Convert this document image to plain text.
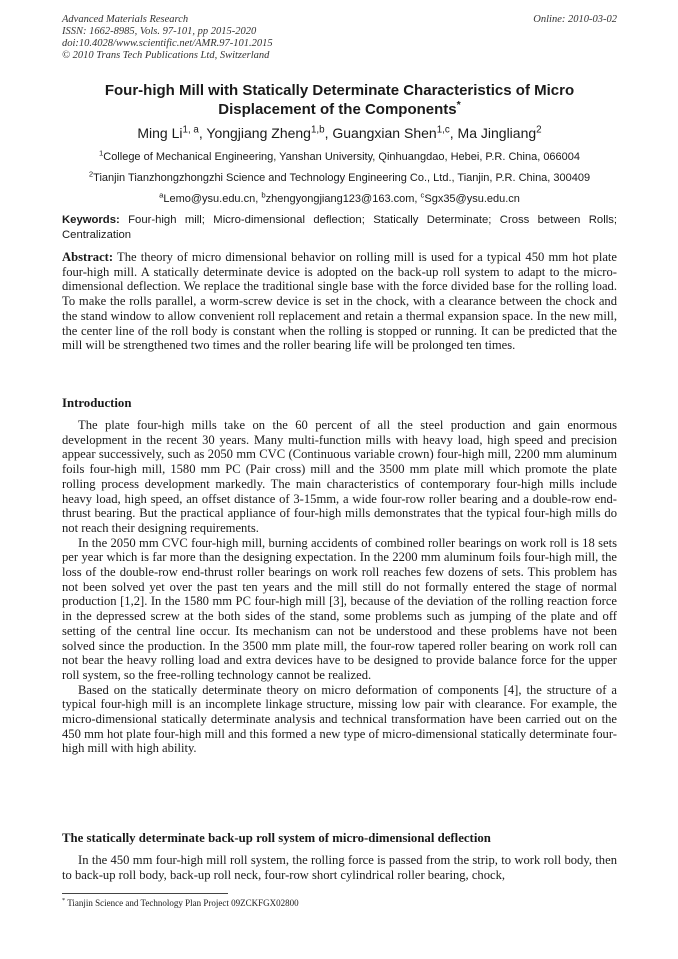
Advanced Materials Research
ISSN: 1662-8985, Vols. 97-101, pp 2015-2020
doi:10.4028/www.scientific.net/AMR.97-101.2015
© 2010 Trans Tech Publications Ltd, Switzerland
Online: 2010-03-02
Four-high Mill with Statically Determinate Characteristics of Micro
Displacement of the Components*
Ming Li$^{1, a}$, Yongjiang Zheng$^{1,b}$, Guangxian Shen$^{1,c}$, Ma Jingliang$^2$
$^1$College of Mechanical Engineering, Yanshan University, Qinhuangdao, Hebei, P.R. China, 066004
$^2$Tianjin Tianzhongzhongzhi Science and Technology Engineering Co., Ltd., Tianjin, P.R. China, 300409
$^a$Lemo@ysu.edu.cn, $^b$zhengyongjiang123@163.com, $^c$Sgx35@ysu.edu.cn
Keywords: Four-high mill; Micro-dimensional deflection; Statically Determinate; Cross between Rolls; Centralization

Abstract: The theory of micro dimensional behavior on rolling mill is used for a typical 450 mm hot plate four-high mill. A statically determinate device is adopted on the back-up roll system to adapt to the micro-dimensional deflection. We replace the traditional single base with the force divided base for the rolling load. To make the rolls parallel, a worm-screw device is set in the chock, with a clearance between the chock and the stand window to allow convenient roll replacement and retain a thermal expansion space. In the new mill, the center line of the roll body is constant when the rolling is stopped or running. It can be predicted that the mill will be strengthened two times and the roller bearing life will be prolonged ten times.

Introduction

The plate four-high mills take on the 60 percent of all the steel production and gain enormous development in the recent 30 years. Many multi-function mills with heavy load, high speed and precision appear successively, such as 2050 mm CVC (Continuous variable crown) four-high mill, 2200 mm aluminum foils four-high mill, 1580 mm PC (Pair cross) mill and the 3500 mm plate mill which promote the plate rolling process development markedly. The main characteristics of contemporary four-high mills include heavy load, high speed, an offset distance of 3-15mm, a wide four-row roller bearing and a double-row end-thrust bearing. But the practical appliance of four-high mills demonstrates that the typical four-high mills do not reach their designing requirements.

In the 2050 mm CVC four-high mill, burning accidents of combined roller bearings on work roll is 18 sets per year which is far more than the designing expectation. In the 2200 mm aluminum foils four-high mill, the loss of the double-row end-thrust roller bearings on work roll reaches few dozens of sets. This problem has not been solved yet over the past ten years and the mill still do not formally entered the stage of normal production [1,2]. In the 1580 mm PC four-high mill [3], because of the deviation of the rolling reaction force in the depressed screw at the both sides of the stand, some problems such as jumping of the plate and off setting of the central line occur. Its mechanism can not be understood and these problems have not been solved since the production. In the 3500 mm plate mill, the four-row tapered roller bearing on work roll can not bear the heavy rolling load and extra devices have to be designed to provide balance force for the upper roll system, so the free-rolling technology cannot be realized.

Based on the statically determinate theory on micro deformation of components [4], the structure of a typical four-high mill is an incomplete linkage structure, missing low pair with clearance. For example, the micro-dimensional statically determinate analysis and technical transformation have been carried out on the 450 mm hot plate four-high mill and this formed a new type of micro-dimensional statically determinate four-high mill with high ability.

The statically determinate back-up roll system of micro-dimensional deflection

In the 450 mm four-high mill roll system, the rolling force is passed from the strip, to work roll body, then to back-up roll body, back-up roll neck, four-row short cylindrical roller bearing, chock,

* Tianjin Science and Technology Plan Project 09ZCKFGX02800
